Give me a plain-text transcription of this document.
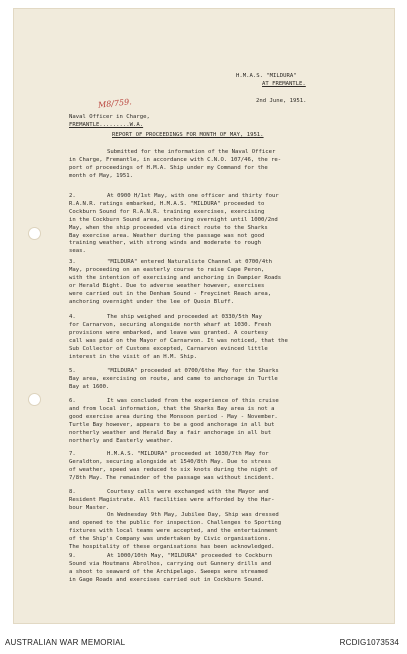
M8/759.
H.M.A.S. "MILDURA"
AT FREMANTLE.
2nd June, 1951.
Naval Officer in Charge,
FREMANTLE.........W.A.
REPORT OF PROCEEDINGS FOR MONTH OF MAY, 1951.

Submitted for the information of the Naval Officer

in Charge, Fremantle, in accordance with C.N.O. 107/46, the re-

port of proceedings of H.M.A. Ship under my Command for the

month of May, 1951.

At 0900 H/1st May, with one officer and thirty four

R.A.N.R. ratings embarked, H.M.A.S. "MILDURA" proceeded to

Cockburn Sound for R.A.N.R. training exercises, exercising

in the Cockburn Sound area, anchoring overnight until 1000/2nd

May, when the ship proceeded via direct route to the Sharks

Bay exercise area. Weather during the passage was not good

training weather, with strong winds and moderate to rough

seas.

2.

"MILDURA" entered Naturaliste Channel at 0700/4th

May, proceeding on an easterly course to raise Cape Peron,

with the intention of exercising and anchoring in Dampier Roads

or Herald Bight. Due to adverse weather however, exercises

were carried out in the Denham Sound - Freycinet Reach area,

anchoring overnight under the lee of Quoin Bluff.

3.

The ship weighed and proceeded at 0330/5th May

for Carnarvon, securing alongside north wharf at 1030. Fresh

provisions were embarked, and leave was granted. A courtesy

call was paid on the Mayor of Carnarvon. It was noticed, that the

Sub Collector of Customs excepted, Carnarvon evinced little

interest in the visit of an H.M. Ship.

4.

"MILDURA" proceeded at 0700/6the May for the Sharks

Bay area, exercising on route, and came to anchorage in Turtle

Bay at 1600.

5.

It was concluded from the experience of this cruise

and from local information, that the Sharks Bay area is not a

good exercise area during the Monsoon period - May - November.

Turtle Bay however, appears to be a good anchorage in all but

northerly weather and Herald Bay a fair anchorage in all but

northerly and Easterly weather.

6.

H.M.A.S. "MILDURA" proceeded at 1030/7th May for

Geraldton, securing alongside at 1540/8th May. Due to stress

of weather, speed was reduced to six knots during the night of

7/8th May. The remainder of the passage was without incident.

7.

Courtesy calls were exchanged with the Mayor and

Resident Magistrate. All facilities were afforded by the Har-

bour Master.

8.

On Wednesday 9th May, Jubilee Day, Ship was dressed

and opened to the public for inspection. Challenges to Sporting

fixtures with local teams were accepted, and the entertainment

of the Ship's Company was undertaken by Civic organisations.

The hospitality of these organisations has been acknowledged.

At 1000/10th May, "MILDURA" proceeded to Cockburn

Sound via Houtmans Abrolhos, carrying out Gunnery drills and

a shoot to seaward of the Archipelago. Sweeps were streamed

in Gage Roads and exercises carried out in Cockburn Sound.

9.
AUSTRALIAN WAR MEMORIAL	RCDIG1073534
